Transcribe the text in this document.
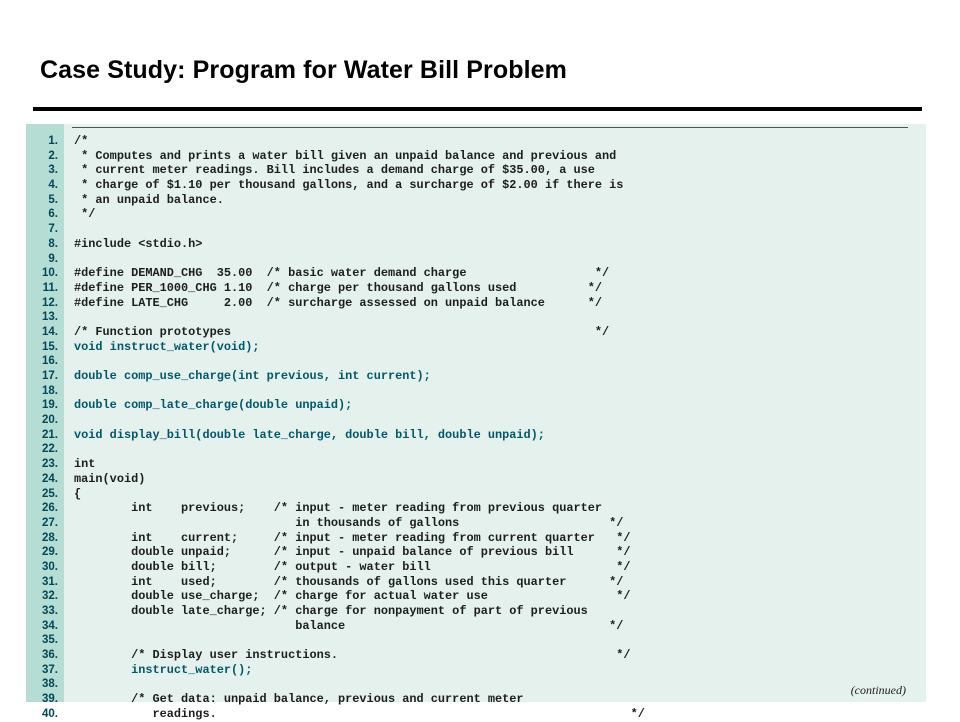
Case Study: Program for Water Bill Problem
1. /*
2. * Computes and prints a water bill given an unpaid balance and previous and
3. * current meter readings. Bill includes a demand charge of $35.00, a use
4. * charge of $1.10 per thousand gallons, and a surcharge of $2.00 if there is
5. * an unpaid balance.
6. */
7.
8. #include <stdio.h>
9.
10. #define DEMAND_CHG  35.00  /* basic water demand charge                  */
11. #define PER_1000_CHG 1.10  /* charge per thousand gallons used          */
12. #define LATE_CHG     2.00  /* surcharge assessed on unpaid balance      */
13.
14. /* Function prototypes                                                   */
15. void instruct_water(void);
16.
17. double comp_use_charge(int previous, int current);
18.
19. double comp_late_charge(double unpaid);
20.
21. void display_bill(double late_charge, double bill, double unpaid);
22.
23. int
24. main(void)
25. {
26. int    previous;    /* input - meter reading from previous quarter
27. in thousands of gallons                     */
28. int    current;     /* input - meter reading from current quarter   */
29. double unpaid;      /* input - unpaid balance of previous bill      */
30. double bill;        /* output - water bill                          */
31. int    used;        /* thousands of gallons used this quarter      */
32. double use_charge;  /* charge for actual water use                  */
33. double late_charge; /* charge for nonpayment of part of previous
34. balance                                     */
35.
36. /* Display user instructions.                                       */
37. instruct_water();
38.
39. /* Get data: unpaid balance, previous and current meter
40. readings.                                                          */
(continued)
